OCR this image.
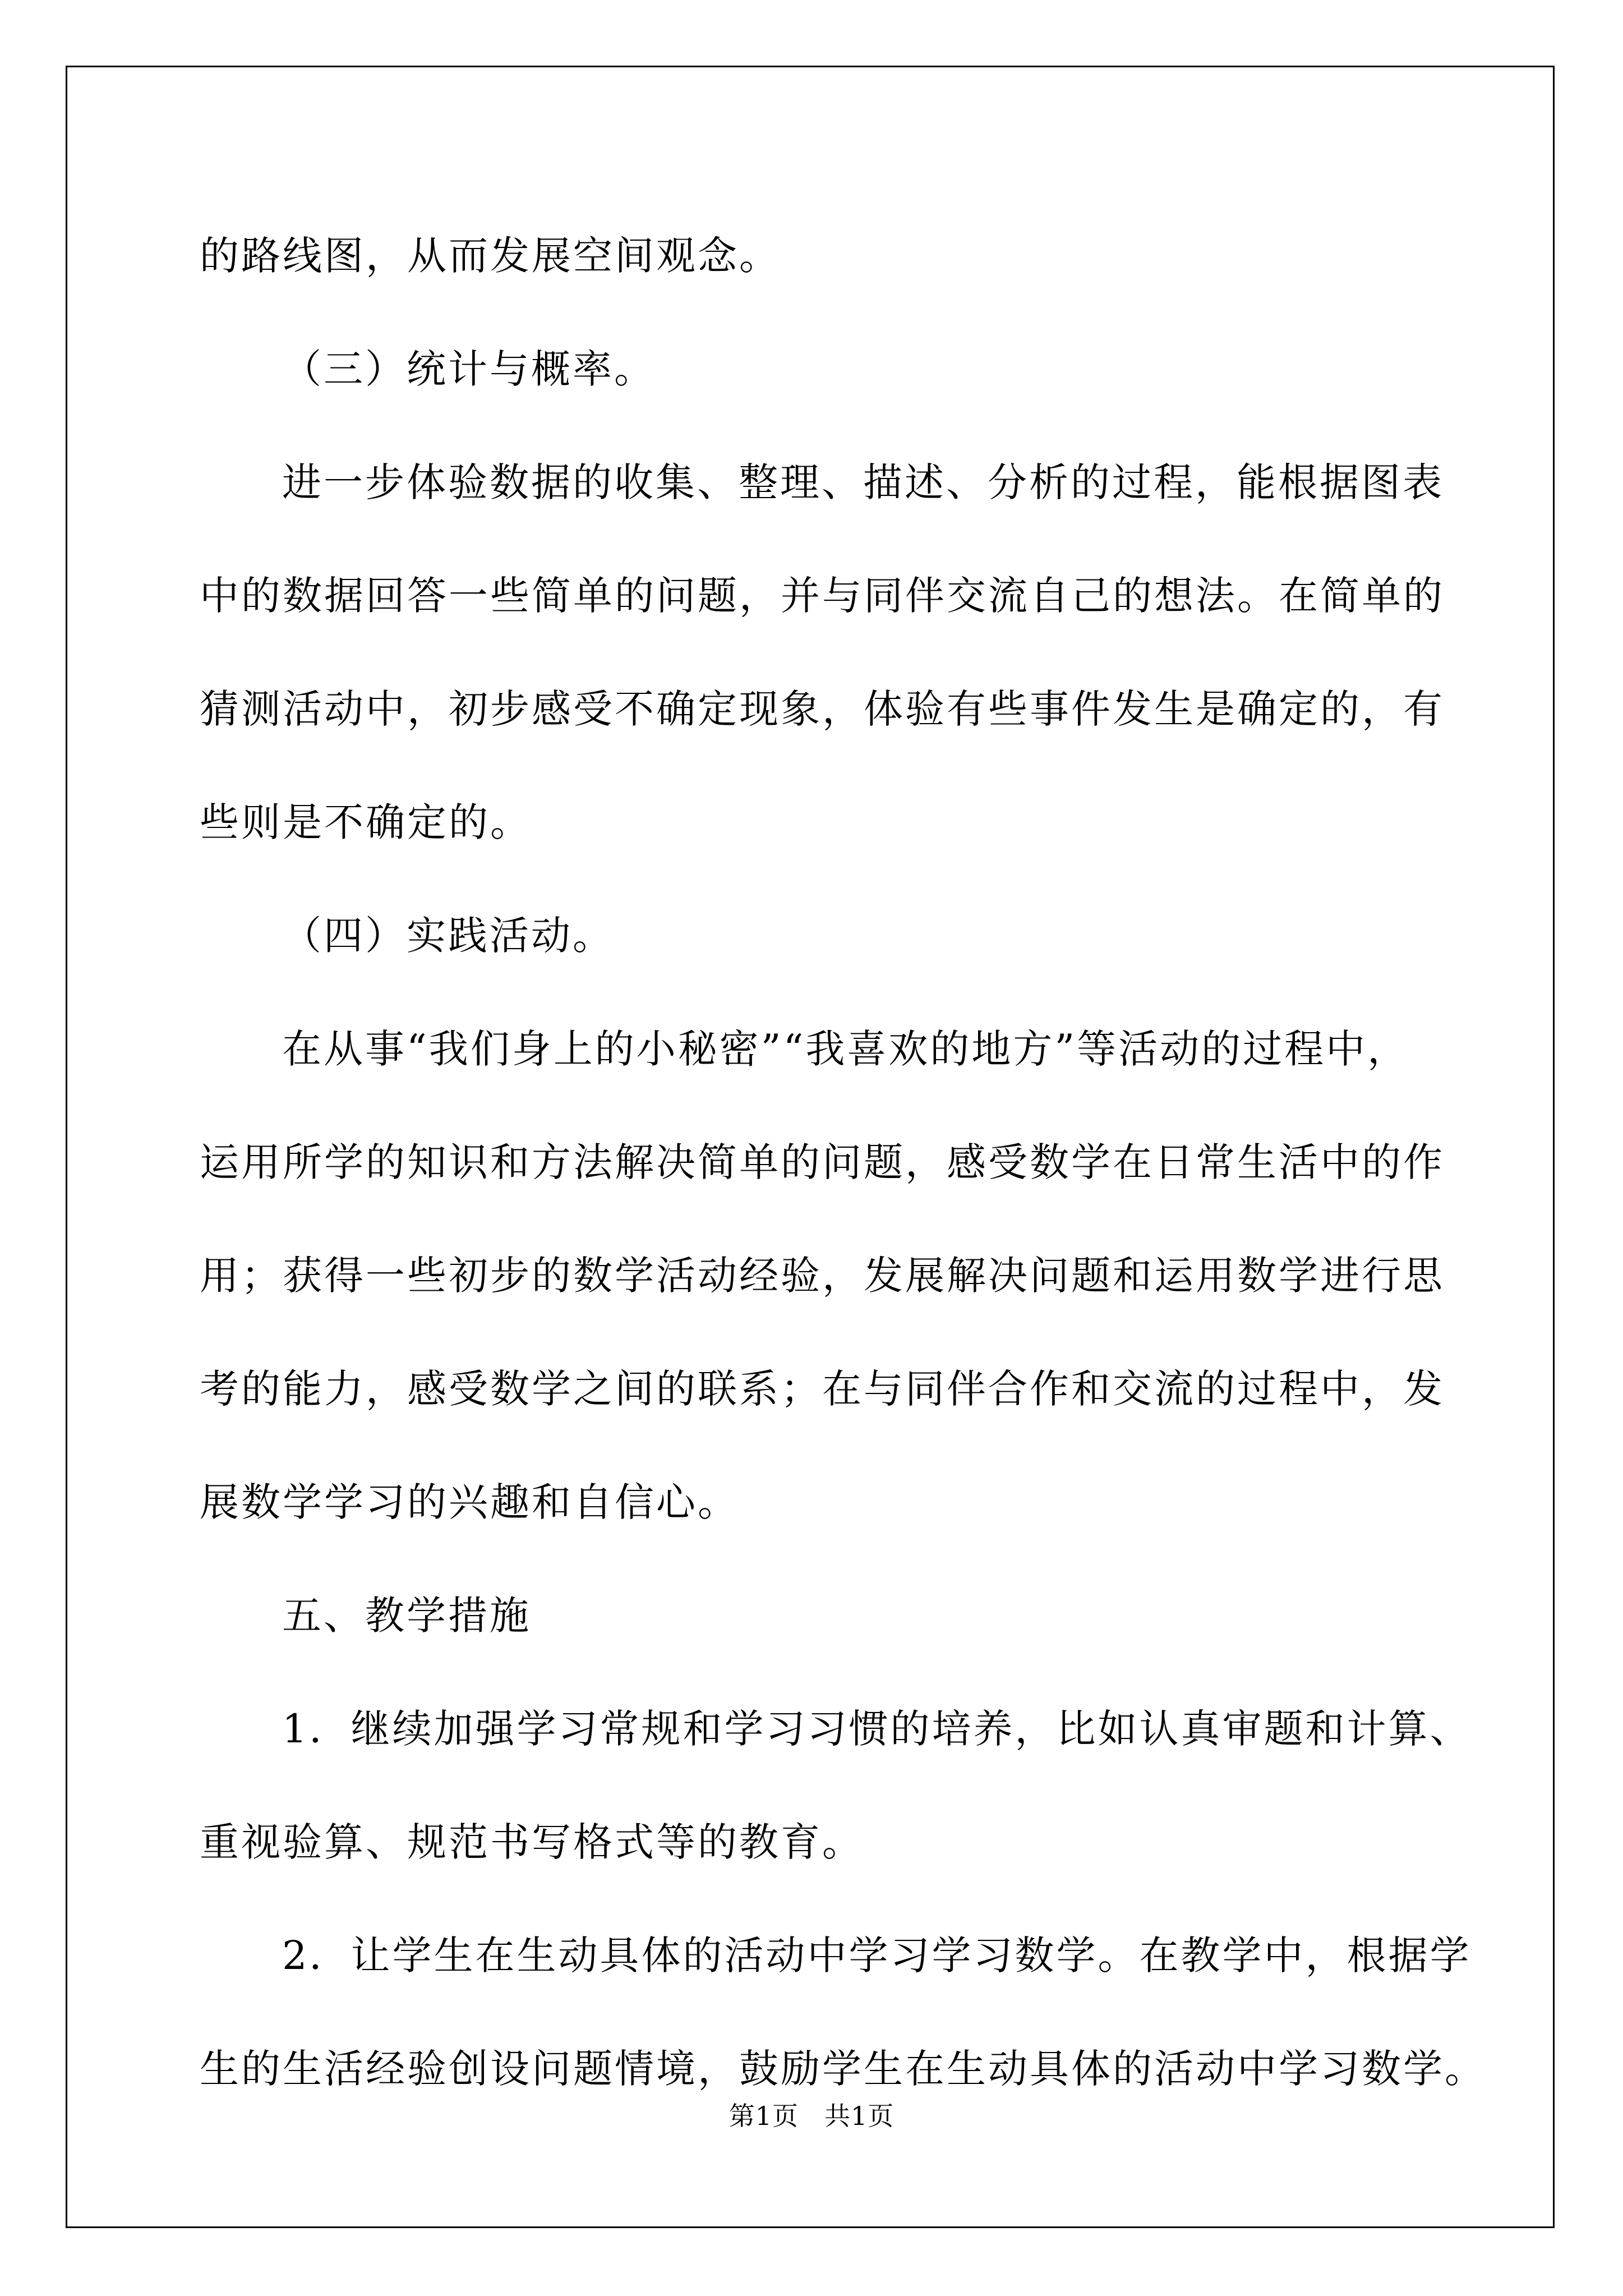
的路线图，从而发展空间观念。
（三）统计与概率。
进一步体验数据的收集、整理、描述、分析的过程，能根据图表
中的数据回答一些简单的问题，并与同伴交流自己的想法。在简单的
猜测活动中，初步感受不确定现象，体验有些事件发生是确定的，有
些则是不确定的。
（四）实践活动。
在从事“我们身上的小秘密”“我喜欢的地方”等活动的过程中，
运用所学的知识和方法解决简单的问题，感受数学在日常生活中的作
用；获得一些初步的数学活动经验，发展解决问题和运用数学进行思
考的能力，感受数学之间的联系；在与同伴合作和交流的过程中，发
展数学学习的兴趣和自信心。
五、教学措施
1．继续加强学习常规和学习习惯的培养，比如认真审题和计算、
重视验算、规范书写格式等的教育。
2．让学生在生动具体的活动中学习学习数学。在教学中，根据学
生的生活经验创设问题情境，鼓励学生在生动具体的活动中学习数学。
第1页 共1页
